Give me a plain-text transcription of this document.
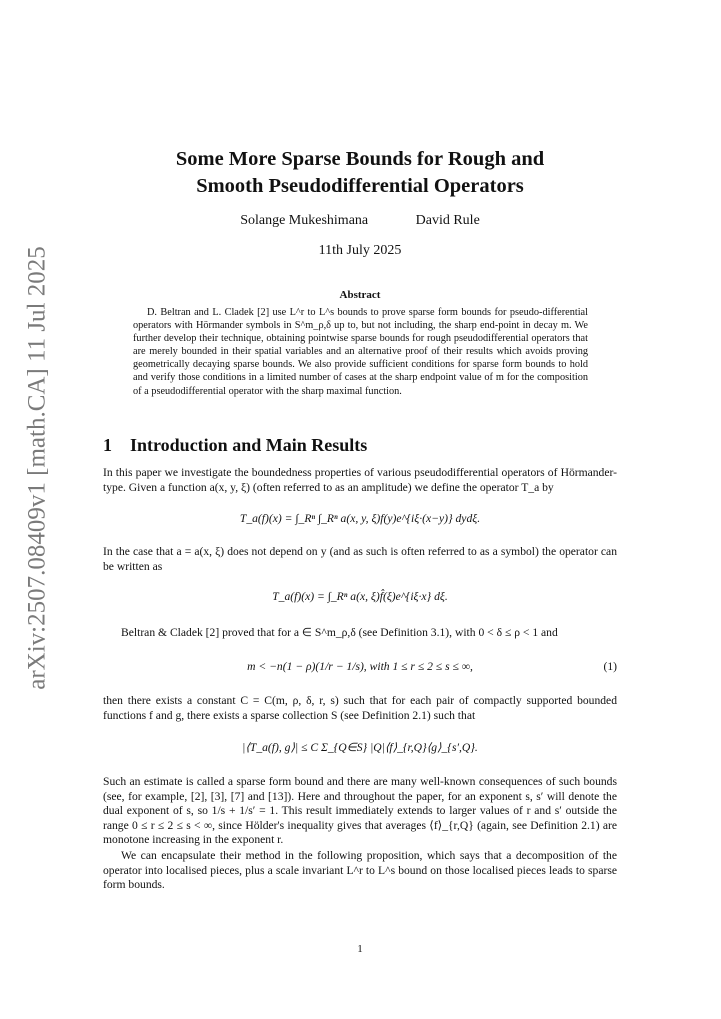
arXiv:2507.08409v1 [math.CA] 11 Jul 2025
Some More Sparse Bounds for Rough and
Smooth Pseudodifferential Operators
Solange Mukeshimana	David Rule
11th July 2025
Abstract
D. Beltran and L. Cladek [2] use L^r to L^s bounds to prove sparse form bounds for pseudo-differential operators with Hörmander symbols in S^m_ρ,δ up to, but not including, the sharp end-point in decay m. We further develop their technique, obtaining pointwise sparse bounds for rough pseudodifferential operators that are merely bounded in their spatial variables and an alternative proof of their results which avoids proving geometrically decaying sparse bounds. We also provide sufficient conditions for sparse form bounds to hold and verify those conditions in a limited number of cases at the sharp endpoint value of m for the composition of a pseudodifferential operator with the sharp maximal function.
1 Introduction and Main Results
In this paper we investigate the boundedness properties of various pseudodifferential operators of Hörmander-type. Given a function a(x, y, ξ) (often referred to as an amplitude) we define the operator T_a by
T_a(f)(x) = ∫_Rⁿ ∫_Rⁿ a(x, y, ξ)f(y)e^{iξ·(x−y)} dydξ.
In the case that a = a(x, ξ) does not depend on y (and as such is often referred to as a symbol) the operator can be written as
T_a(f)(x) = ∫_Rⁿ a(x, ξ)f̂(ξ)e^{iξ·x} dξ.
Beltran & Cladek [2] proved that for a ∈ S^m_ρ,δ (see Definition 3.1), with 0 < δ ≤ ρ < 1 and
m < −n(1 − ρ)(1/r − 1/s), with 1 ≤ r ≤ 2 ≤ s ≤ ∞,	(1)
then there exists a constant C = C(m, ρ, δ, r, s) such that for each pair of compactly supported bounded functions f and g, there exists a sparse collection S (see Definition 2.1) such that
|⟨T_a(f), g⟩| ≤ C Σ_{Q∈S} |Q|⟨f⟩_{r,Q}⟨g⟩_{s′,Q}.
Such an estimate is called a sparse form bound and there are many well-known consequences of such bounds (see, for example, [2], [3], [7] and [13]). Here and throughout the paper, for an exponent s, s′ will denote the dual exponent of s, so 1/s + 1/s′ = 1. This result immediately extends to larger values of r and s′ outside the range 0 ≤ r ≤ 2 ≤ s < ∞, since Hölder's inequality gives that averages ⟨f⟩_{r,Q} (again, see Definition 2.1) are monotone increasing in the exponent r.
We can encapsulate their method in the following proposition, which says that a decomposition of the operator into localised pieces, plus a scale invariant L^r to L^s bound on those localised pieces leads to sparse form bounds.
1
